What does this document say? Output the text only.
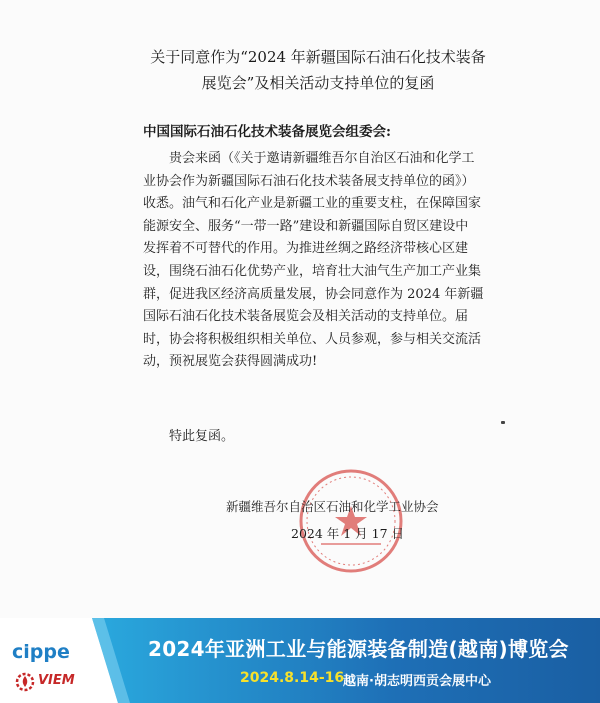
关于同意作为“2024 年新疆国际石油石化技术装备
展览会”及相关活动支持单位的复函
中国国际石油石化技术装备展览会组委会:
贵会来函（《关于邀请新疆维吾尔自治区石油和化学工
业协会作为新疆国际石油石化技术装备展支持单位的函》）
收悉。油气和石化产业是新疆工业的重要支柱，在保障国家
能源安全、服务“一带一路”建设和新疆国际自贸区建设中
发挥着不可替代的作用。为推进丝绸之路经济带核心区建
设，围绕石油石化优势产业，培育壮大油气生产加工产业集
群，促进我区经济高质量发展，协会同意作为 2024 年新疆
国际石油石化技术装备展览会及相关活动的支持单位。届
时，协会将积极组织相关单位、人员参观，参与相关交流活
动，预祝展览会获得圆满成功!
特此复函。
新疆维吾尔自治区石油和化学工业协会
2024 年 1 月 17 日
cippe
VIEM
2024年亚洲工业与能源装备制造(越南)博览会
2024.8.14-16
越南·胡志明西贡会展中心
